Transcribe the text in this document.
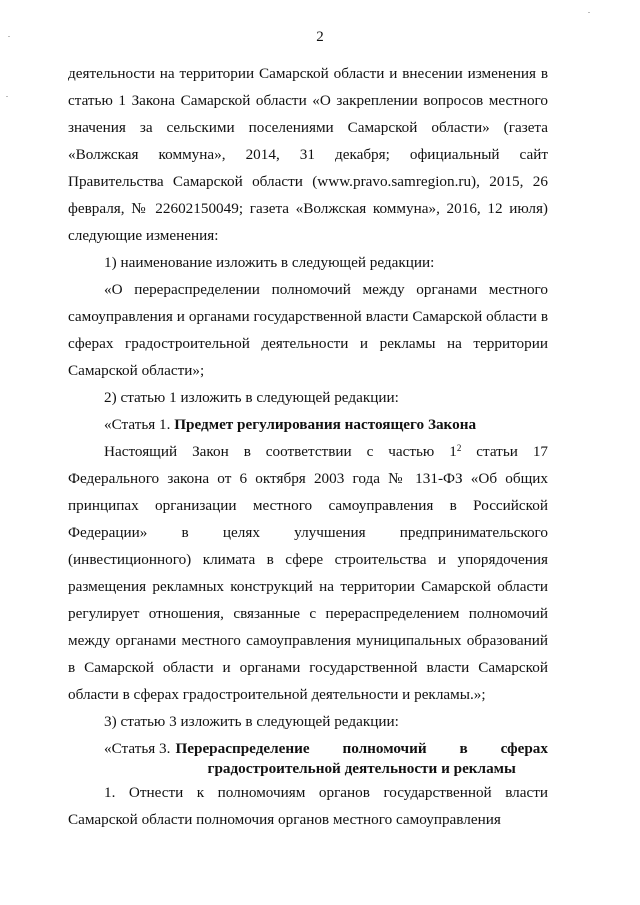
2

деятельности на территории Самарской области и внесении изменения в статью 1 Закона Самарской области «О закреплении вопросов местного значения за сельскими поселениями Самарской области» (газета «Волжская коммуна», 2014, 31 декабря; официальный сайт Правительства Самарской области (www.pravo.samregion.ru), 2015, 26 февраля, № 22602150049; газета «Волжская коммуна», 2016, 12 июля) следующие изменения:

1) наименование изложить в следующей редакции:

«О перераспределении полномочий между органами местного самоуправления и органами государственной власти Самарской области в сферах градостроительной деятельности и рекламы на территории Самарской области»;

2) статью 1 изложить в следующей редакции:

«Статья 1. Предмет регулирования настоящего Закона

Настоящий Закон в соответствии с частью $1^2$ статьи 17 Федерального закона от 6 октября 2003 года № 131-ФЗ «Об общих принципах организации местного самоуправления в Российской Федерации» в целях улучшения предпринимательского (инвестиционного) климата в сфере строительства и упорядочения размещения рекламных конструкций на территории Самарской области регулирует отношения, связанные с перераспределением полномочий между органами местного самоуправления муниципальных образований в Самарской области и органами государственной власти Самарской области в сферах градостроительной деятельности и рекламы.»;

3) статью 3 изложить в следующей редакции:

«Статья 3. Перераспределение полномочий в сферах
градостроительной деятельности и рекламы

1. Отнести к полномочиям органов государственной власти Самарской области полномочия органов местного самоуправления
